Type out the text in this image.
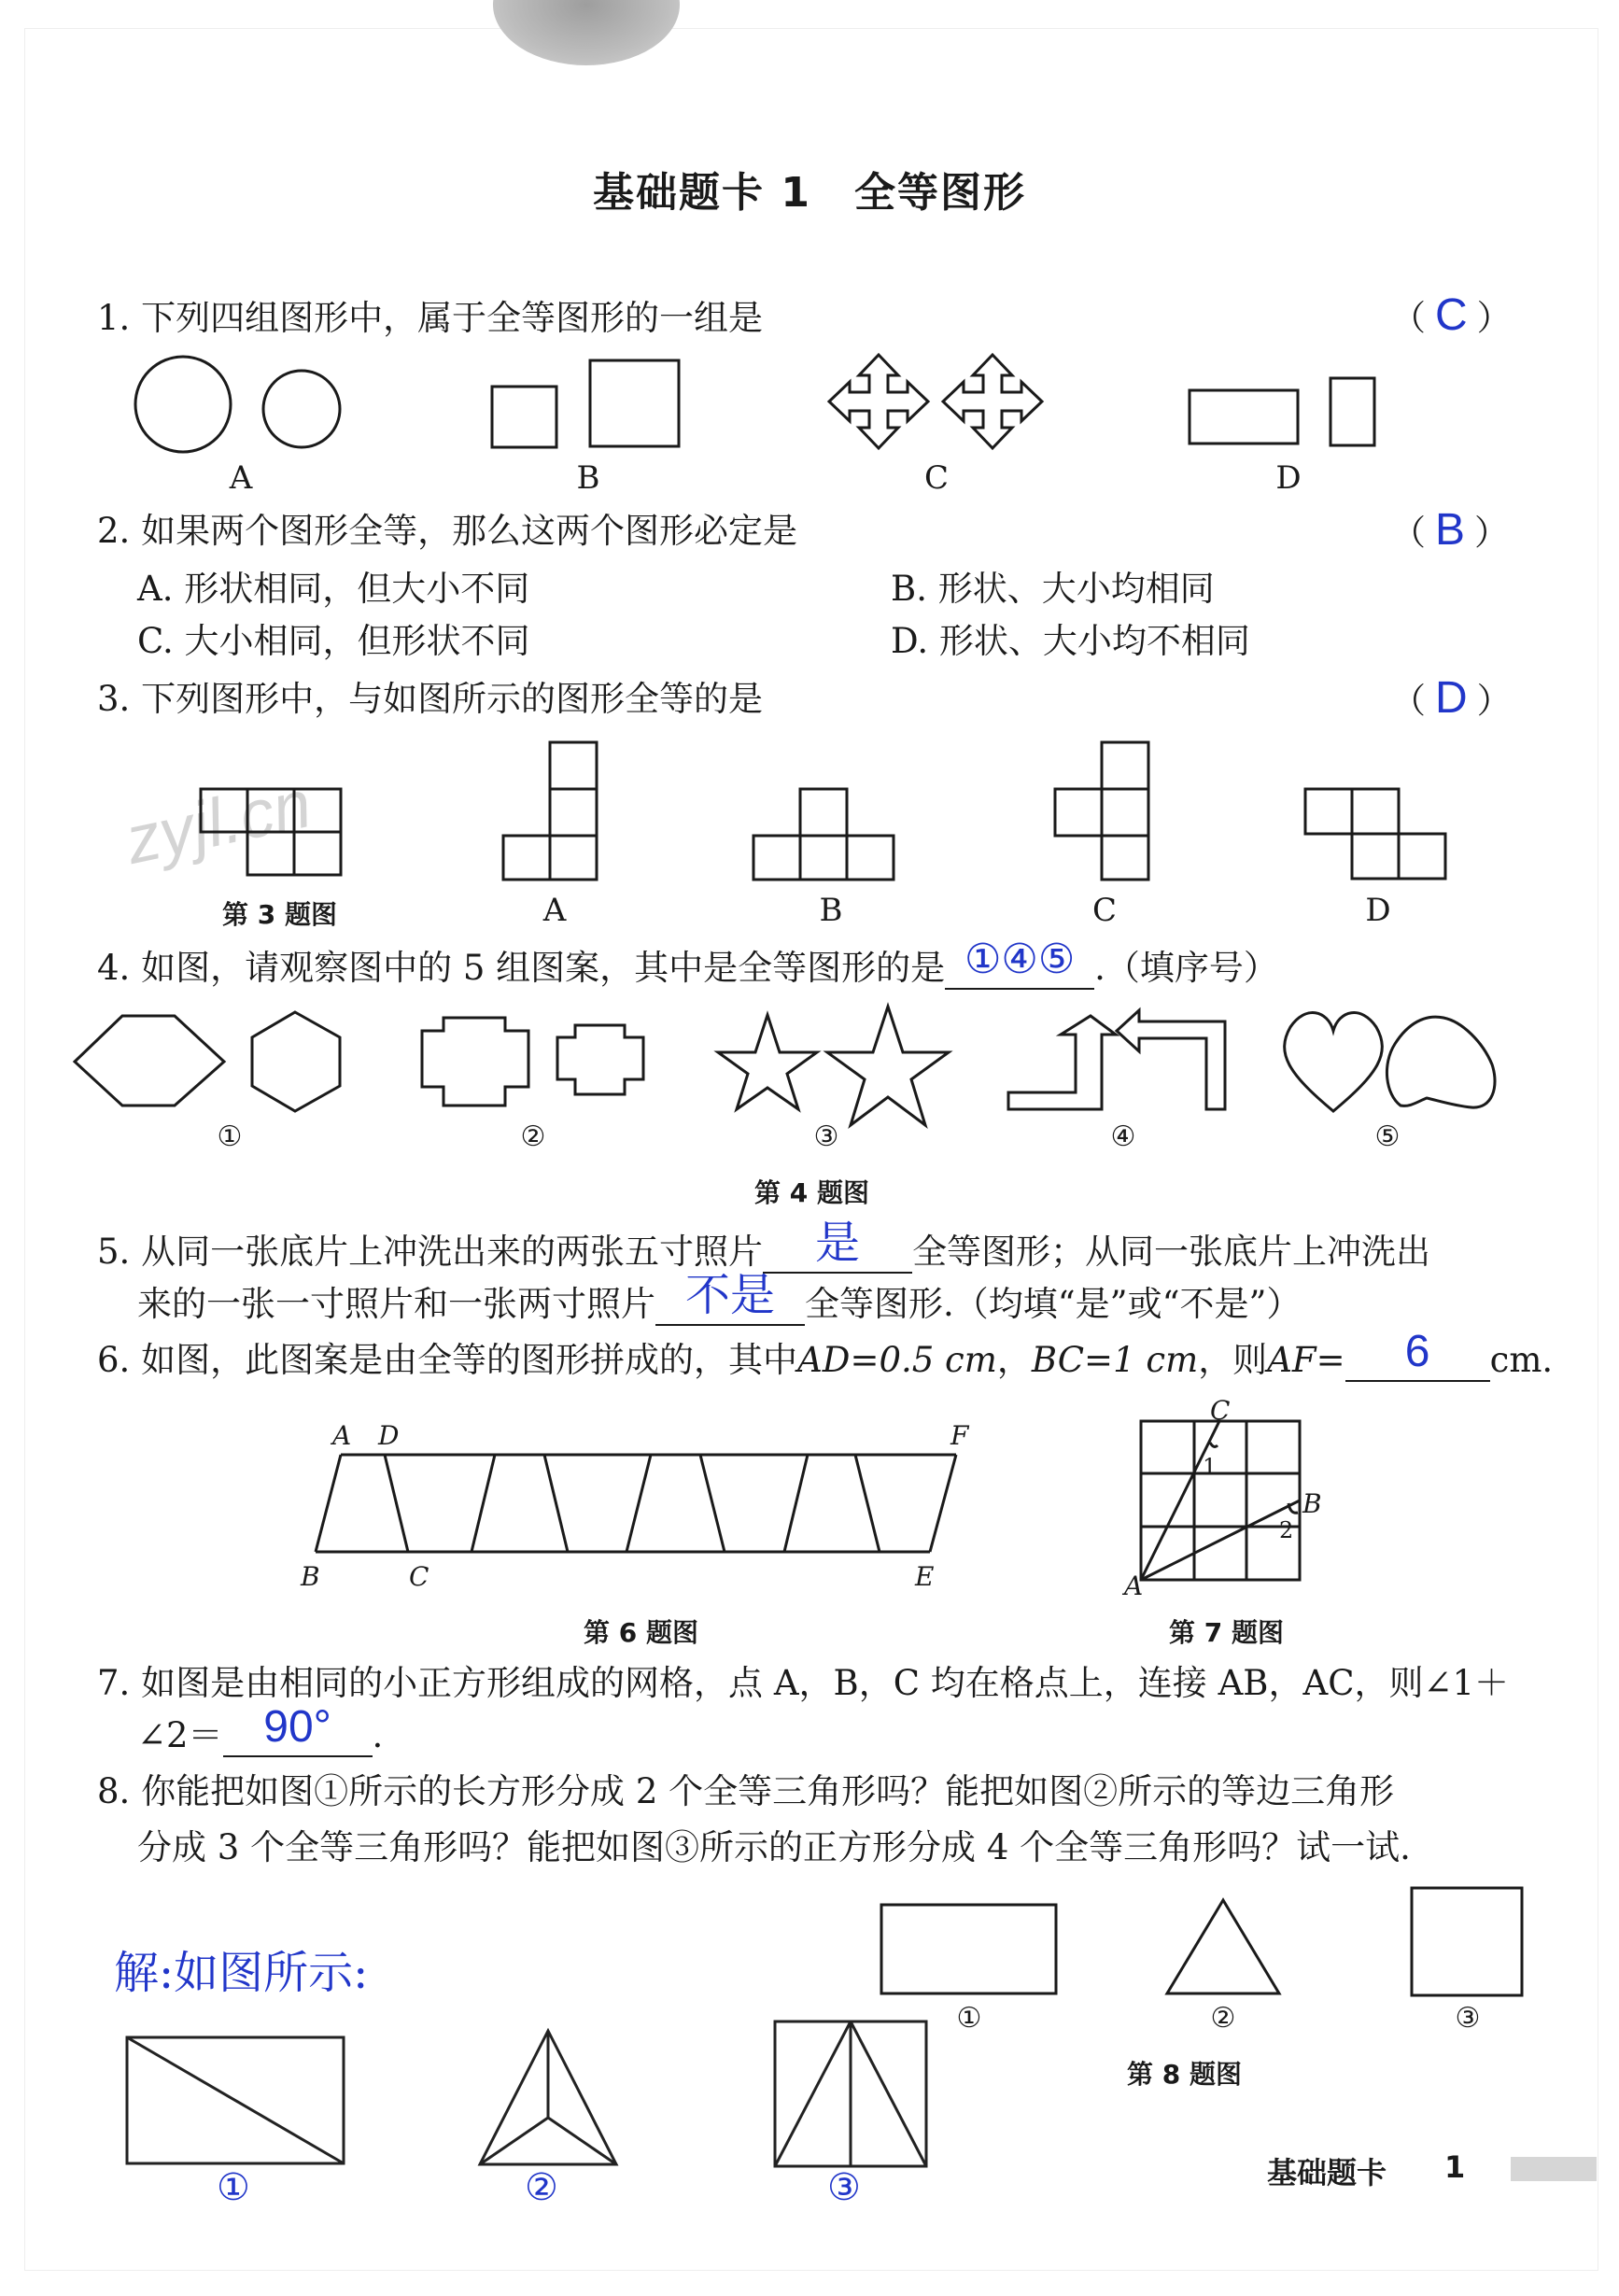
基础题卡 1　全等图形
1. 下列四组图形中，属于全等图形的一组是	（ C ）
A	B	C	D
2. 如果两个图形全等，那么这两个图形必定是	（ B ）
A. 形状相同，但大小不同	B. 形状、大小均相同
C. 大小相同，但形状不同	D. 形状、大小均不相同
3. 下列图形中，与如图所示的图形全等的是	（ D ）
zyjl.cn
第 3 题图	A	B	C	D
4. 如图，请观察图中的 5 组图案，其中是全等图形的是 ①④⑤ .（填序号）
①	②	③	④	⑤
第 4 题图
5. 从同一张底片上冲洗出来的两张五寸照片	是	全等图形；从同一张底片上冲洗出
来的一张一寸照片和一张两寸照片 不是 全等图形.（均填“是”或“不是”）
6. 如图，此图案是由全等的图形拼成的，其中AD=0.5 cm，BC=1 cm，则AF=	6	cm.
A D	F
B	C	E
第 6 题图
C
B
A
1
2
第 7 题图
7. 如图是由相同的小正方形组成的网格，点 A，B，C 均在格点上，连接 AB，AC，则∠1＋
∠2＝ 90°	.
8. 你能把如图①所示的长方形分成 2 个全等三角形吗？能把如图②所示的等边三角形
分成 3 个全等三角形吗？能把如图③所示的正方形分成 4 个全等三角形吗？试一试.
①	②	③
第 8 题图
解:如图所示:
①	②	③	基础题卡 1
